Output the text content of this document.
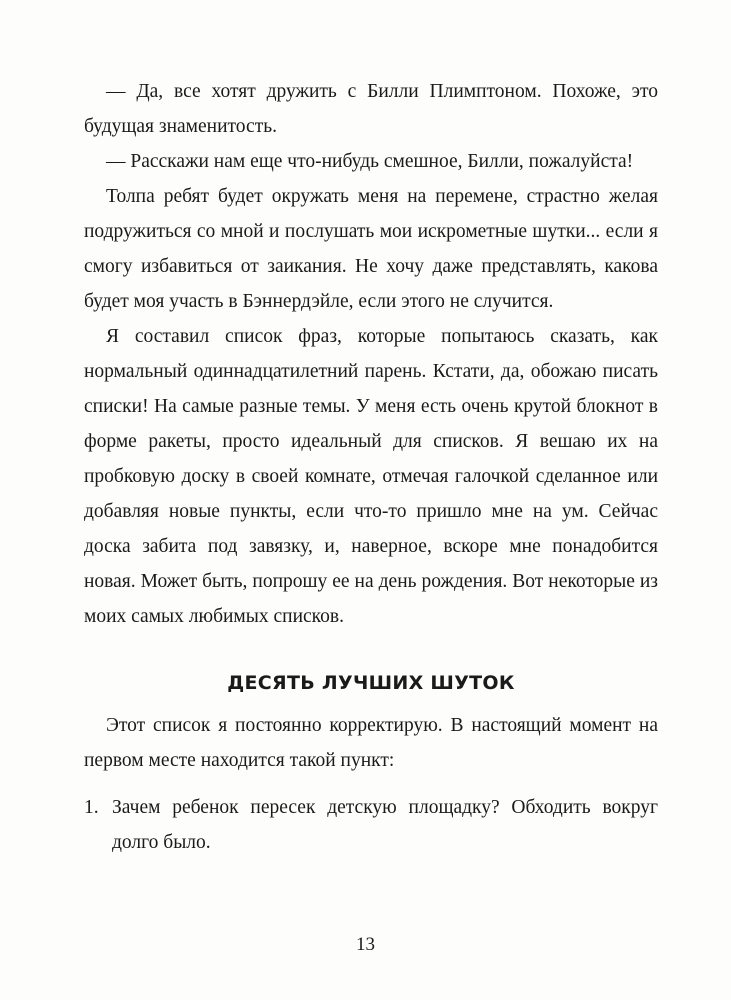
— Да, все хотят дружить с Билли Плимптоном. Похоже, это будущая знаменитость.

— Расскажи нам еще что-нибудь смешное, Билли, пожалуйста!

Толпа ребят будет окружать меня на перемене, страстно желая подружиться со мной и послушать мои искрометные шутки... если я смогу избавиться от заикания. Не хочу даже представлять, какова будет моя участь в Бэннердэйле, если этого не случится.

Я составил список фраз, которые попытаюсь сказать, как нормальный одиннадцатилетний парень. Кстати, да, обожаю писать списки! На самые разные темы. У меня есть очень крутой блокнот в форме ракеты, просто идеальный для списков. Я вешаю их на пробковую доску в своей комнате, отмечая галочкой сделанное или добавляя новые пункты, если что-то пришло мне на ум. Сейчас доска забита под завязку, и, наверное, вскоре мне понадобится новая. Может быть, попрошу ее на день рождения. Вот некоторые из моих самых любимых списков.

ДЕСЯТЬ ЛУЧШИХ ШУТОК

Этот список я постоянно корректирую. В настоящий момент на первом месте находится такой пункт:

1. Зачем ребенок пересек детскую площадку? Обходить вокруг долго было.
13
